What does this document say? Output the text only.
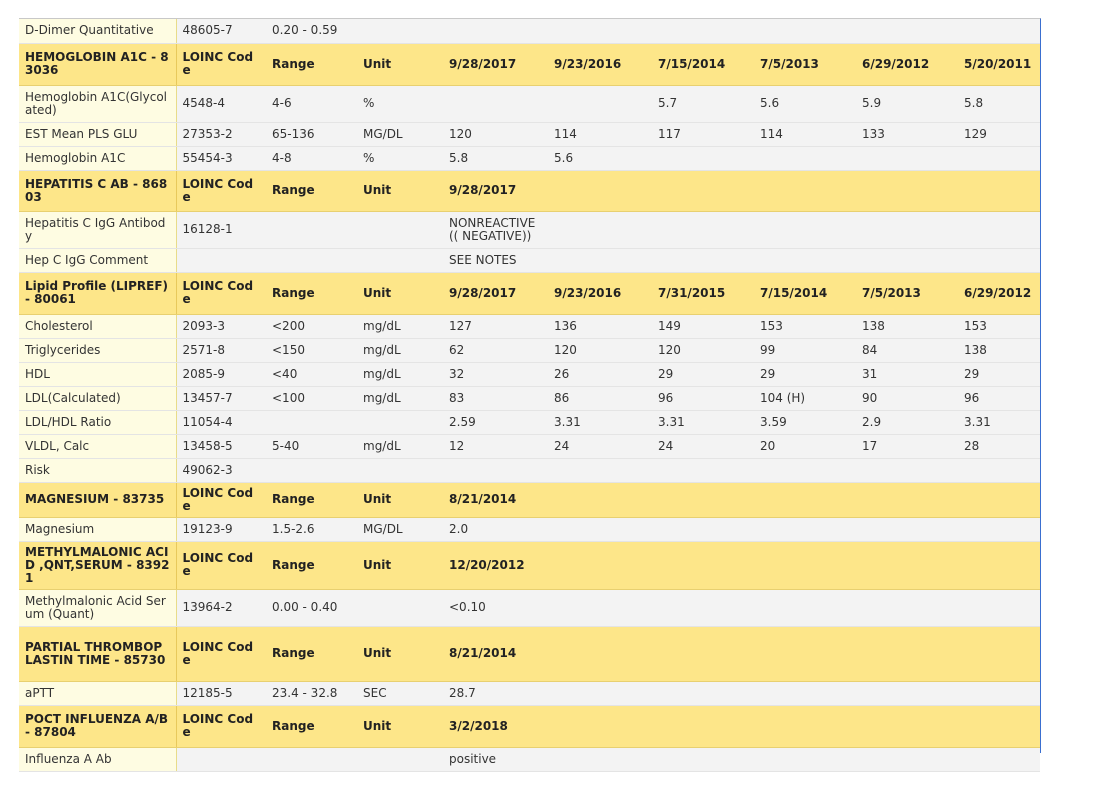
D-Dimer Quantitative	48605-7	0.20 - 0.59							
HEMOGLOBIN A1C - 83036	LOINC Code	Range	Unit	9/28/2017	9/23/2016	7/15/2014	7/5/2013	6/29/2012	5/20/2011
Hemoglobin A1C(Glycolated)	4548-4	4-6	%			5.7	5.6	5.9	5.8
EST Mean PLS GLU	27353-2	65-136	MG/DL	120	114	117	114	133	129
Hemoglobin A1C	55454-3	4-8	%	5.8	5.6				
HEPATITIS C AB - 86803	LOINC Code	Range	Unit	9/28/2017					
Hepatitis C IgG Antibody	16128-1			NONREACTIVE (( NEGATIVE))					
Hep C IgG Comment				SEE NOTES					
Lipid Profile (LIPREF) - 80061	LOINC Code	Range	Unit	9/28/2017	9/23/2016	7/31/2015	7/15/2014	7/5/2013	6/29/2012
Cholesterol	2093-3	<200	mg/dL	127	136	149	153	138	153
Triglycerides	2571-8	<150	mg/dL	62	120	120	99	84	138
HDL	2085-9	<40	mg/dL	32	26	29	29	31	29
LDL(Calculated)	13457-7	<100	mg/dL	83	86	96	104 (H)	90	96
LDL/HDL Ratio	11054-4			2.59	3.31	3.31	3.59	2.9	3.31
VLDL, Calc	13458-5	5-40	mg/dL	12	24	24	20	17	28
Risk	49062-3								
MAGNESIUM - 83735	LOINC Code	Range	Unit	8/21/2014					
Magnesium	19123-9	1.5-2.6	MG/DL	2.0					
METHYLMALONIC ACID ,QNT,SERUM - 83921	LOINC Code	Range	Unit	12/20/2012					
Methylmalonic Acid Serum (Quant)	13964-2	0.00 - 0.40		<0.10					
PARTIAL THROMBOPLASTIN TIME - 85730	LOINC Code	Range	Unit	8/21/2014					
aPTT	12185-5	23.4 - 32.8	SEC	28.7					
POCT INFLUENZA A/B - 87804	LOINC Code	Range	Unit	3/2/2018					
Influenza A Ab				positive					
